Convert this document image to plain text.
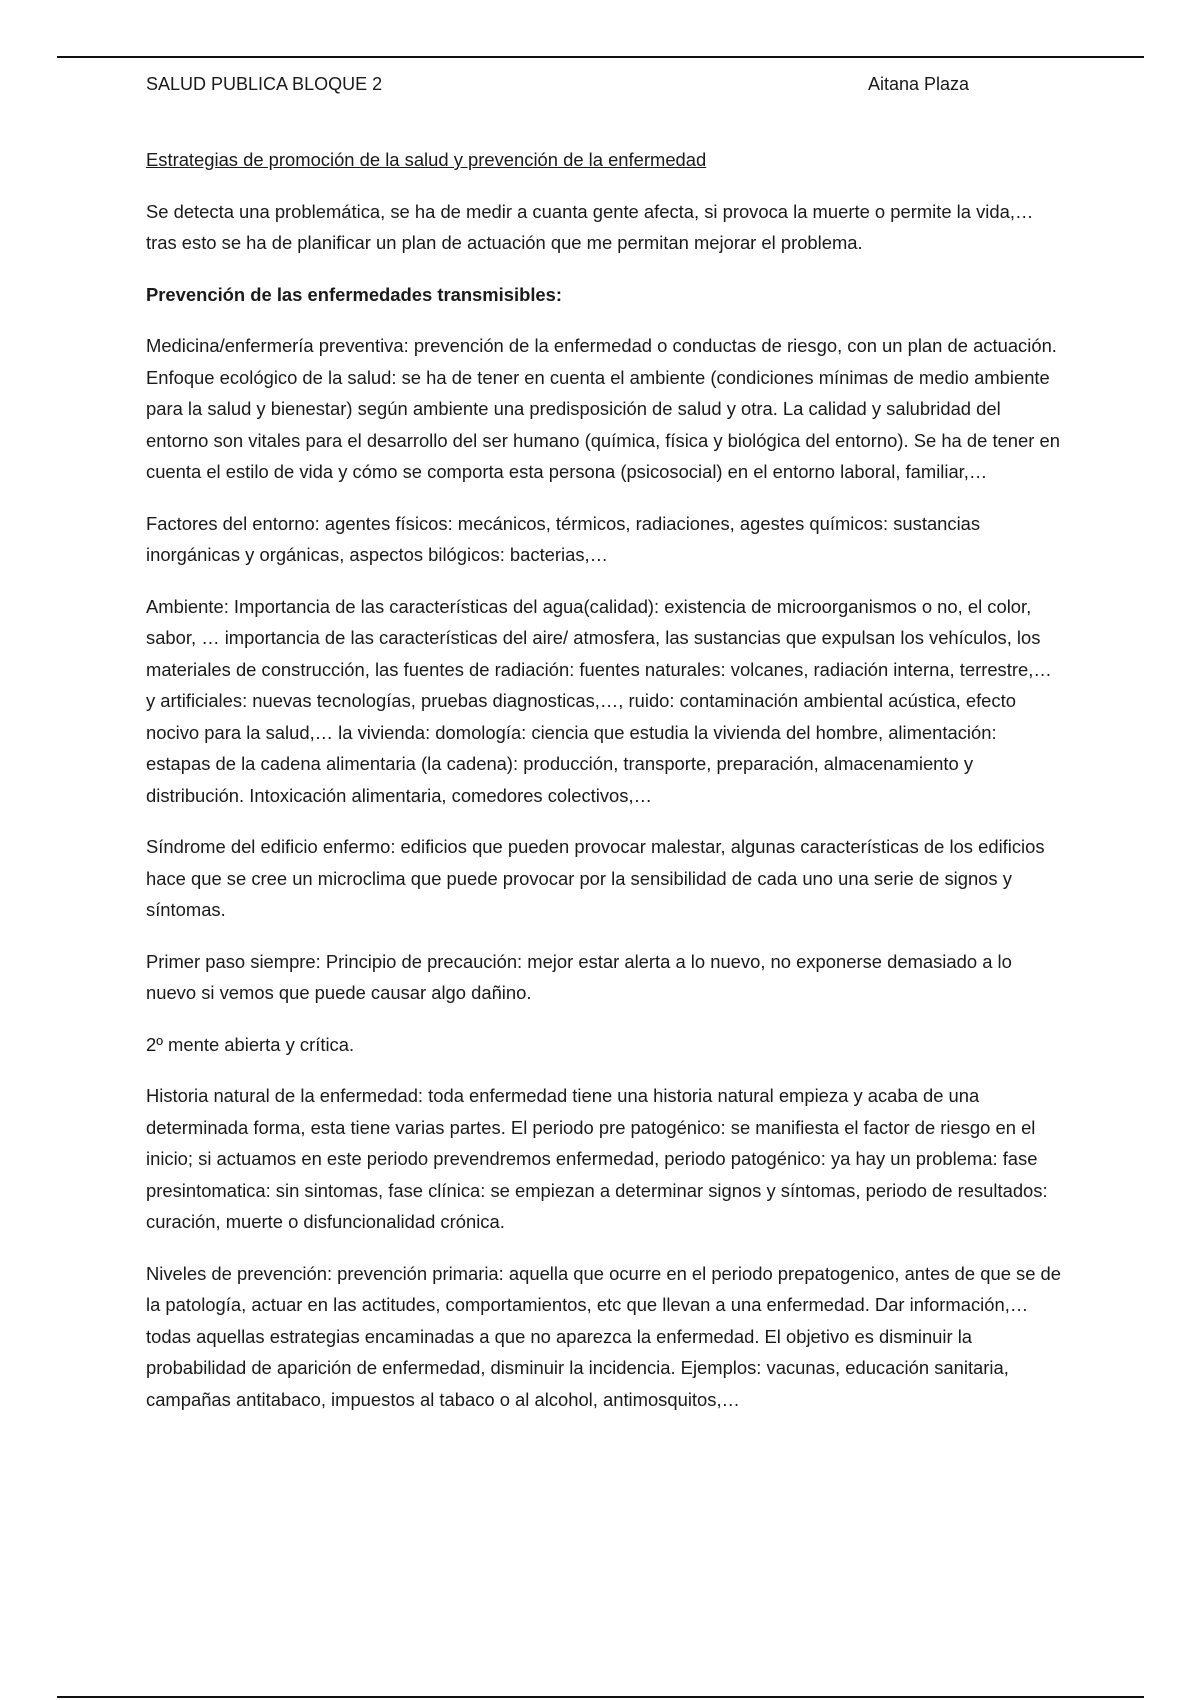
SALUD PUBLICA BLOQUE 2	Aitana Plaza

Estrategias de promoción de la salud y prevención de la enfermedad

Se detecta una problemática, se ha de medir a cuanta gente afecta, si provoca la muerte o permite la vida,… tras esto se ha de planificar un plan de actuación que me permitan mejorar el problema.

Prevención de las enfermedades transmisibles:

Medicina/enfermería preventiva: prevención de la enfermedad o conductas de riesgo, con un plan de actuación. Enfoque ecológico de la salud: se ha de tener en cuenta el ambiente (condiciones mínimas de medio ambiente para la salud y bienestar) según ambiente una predisposición de salud y otra. La calidad y salubridad del entorno son vitales para el desarrollo del ser humano (química, física y biológica del entorno). Se ha de tener en cuenta el estilo de vida y cómo se comporta esta persona (psicosocial) en el entorno laboral, familiar,…

Factores del entorno: agentes físicos: mecánicos, térmicos, radiaciones, agestes químicos: sustancias inorgánicas y orgánicas, aspectos bilógicos: bacterias,…

Ambiente: Importancia de las características del agua(calidad): existencia de microorganismos o no, el color, sabor, … importancia de las características del aire/ atmosfera, las sustancias que expulsan los vehículos, los materiales de construcción, las fuentes de radiación: fuentes naturales: volcanes, radiación interna, terrestre,… y artificiales: nuevas tecnologías, pruebas diagnosticas,…, ruido: contaminación ambiental acústica, efecto nocivo para la salud,… la vivienda: domología: ciencia que estudia la vivienda del hombre, alimentación: estapas de la cadena alimentaria (la cadena): producción, transporte, preparación, almacenamiento y distribución. Intoxicación alimentaria, comedores colectivos,…

Síndrome del edificio enfermo: edificios que pueden provocar malestar, algunas características de los edificios hace que se cree un microclima que puede provocar por la sensibilidad de cada uno una serie de signos y síntomas.

Primer paso siempre: Principio de precaución: mejor estar alerta a lo nuevo, no exponerse demasiado a lo nuevo si vemos que puede causar algo dañino.

2º mente abierta y crítica.

Historia natural de la enfermedad: toda enfermedad tiene una historia natural empieza y acaba de una determinada forma, esta tiene varias partes. El periodo pre patogénico: se manifiesta el factor de riesgo en el inicio; si actuamos en este periodo prevendremos enfermedad, periodo patogénico: ya hay un problema: fase presintomatica: sin sintomas, fase clínica: se empiezan a determinar signos y síntomas, periodo de resultados: curación, muerte o disfuncionalidad crónica.

Niveles de prevención: prevención primaria: aquella que ocurre en el periodo prepatogenico, antes de que se de la patología, actuar en las actitudes, comportamientos, etc que llevan a una enfermedad. Dar información,… todas aquellas estrategias encaminadas a que no aparezca la enfermedad. El objetivo es disminuir la probabilidad de aparición de enfermedad, disminuir la incidencia. Ejemplos: vacunas, educación sanitaria, campañas antitabaco, impuestos al tabaco o al alcohol, antimosquitos,…
